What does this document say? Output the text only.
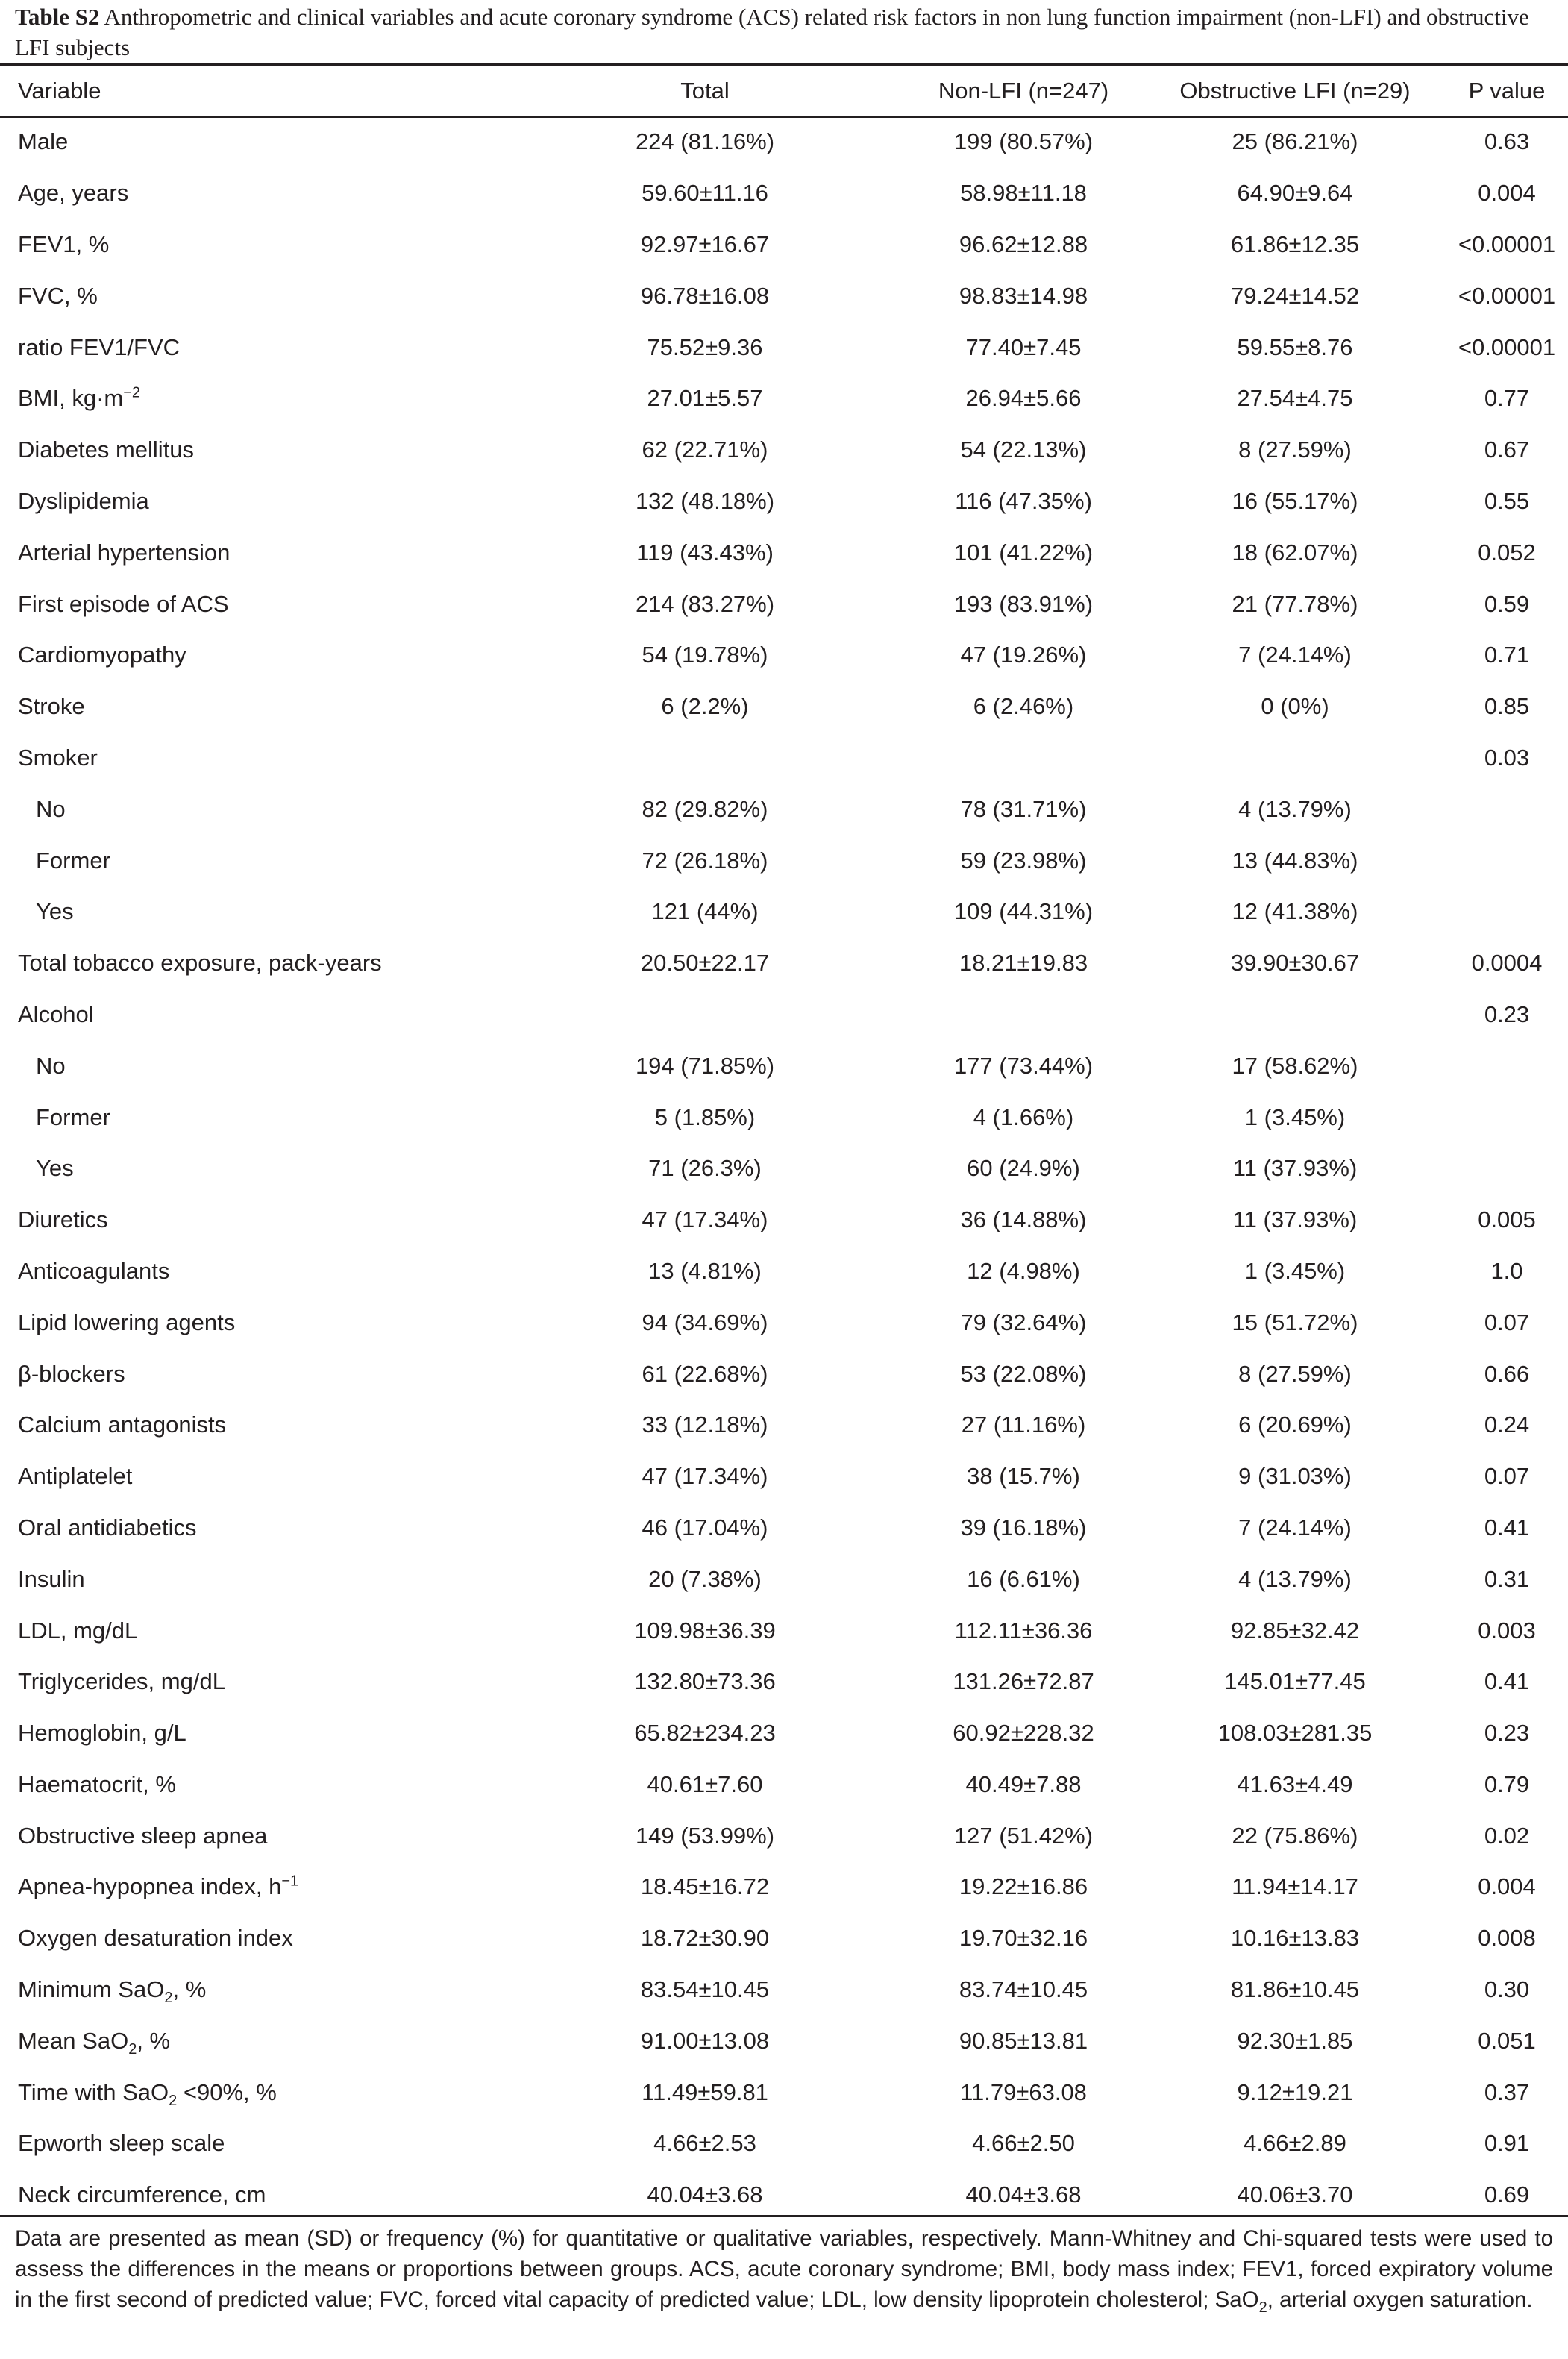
Table S2 Anthropometric and clinical variables and acute coronary syndrome (ACS) related risk factors in non lung function impairment (non-LFI) and obstructive LFI subjects
Variable	Total	Non-LFI (n=247)	Obstructive LFI (n=29)	P value
Male	224 (81.16%)	199 (80.57%)	25 (86.21%)	0.63
Age, years	59.60±11.16	58.98±11.18	64.90±9.64	0.004
FEV1, %	92.97±16.67	96.62±12.88	61.86±12.35	<0.00001
FVC, %	96.78±16.08	98.83±14.98	79.24±14.52	<0.00001
ratio FEV1/FVC	75.52±9.36	77.40±7.45	59.55±8.76	<0.00001
BMI, $kg\cdot m^{-2}$	27.01±5.57	26.94±5.66	27.54±4.75	0.77
Diabetes mellitus	62 (22.71%)	54 (22.13%)	8 (27.59%)	0.67
Dyslipidemia	132 (48.18%)	116 (47.35%)	16 (55.17%)	0.55
Arterial hypertension	119 (43.43%)	101 (41.22%)	18 (62.07%)	0.052
First episode of ACS	214 (83.27%)	193 (83.91%)	21 (77.78%)	0.59
Cardiomyopathy	54 (19.78%)	47 (19.26%)	7 (24.14%)	0.71
Stroke	6 (2.2%)	6 (2.46%)	0 (0%)	0.85
Smoker				0.03
No	82 (29.82%)	78 (31.71%)	4 (13.79%)	
Former	72 (26.18%)	59 (23.98%)	13 (44.83%)	
Yes	121 (44%)	109 (44.31%)	12 (41.38%)	
Total tobacco exposure, pack-years	20.50±22.17	18.21±19.83	39.90±30.67	0.0004
Alcohol				0.23
No	194 (71.85%)	177 (73.44%)	17 (58.62%)	
Former	5 (1.85%)	4 (1.66%)	1 (3.45%)	
Yes	71 (26.3%)	60 (24.9%)	11 (37.93%)	
Diuretics	47 (17.34%)	36 (14.88%)	11 (37.93%)	0.005
Anticoagulants	13 (4.81%)	12 (4.98%)	1 (3.45%)	1.0
Lipid lowering agents	94 (34.69%)	79 (32.64%)	15 (51.72%)	0.07
β-blockers	61 (22.68%)	53 (22.08%)	8 (27.59%)	0.66
Calcium antagonists	33 (12.18%)	27 (11.16%)	6 (20.69%)	0.24
Antiplatelet	47 (17.34%)	38 (15.7%)	9 (31.03%)	0.07
Oral antidiabetics	46 (17.04%)	39 (16.18%)	7 (24.14%)	0.41
Insulin	20 (7.38%)	16 (6.61%)	4 (13.79%)	0.31
LDL, mg/dL	109.98±36.39	112.11±36.36	92.85±32.42	0.003
Triglycerides, mg/dL	132.80±73.36	131.26±72.87	145.01±77.45	0.41
Hemoglobin, g/L	65.82±234.23	60.92±228.32	108.03±281.35	0.23
Haematocrit, %	40.61±7.60	40.49±7.88	41.63±4.49	0.79
Obstructive sleep apnea	149 (53.99%)	127 (51.42%)	22 (75.86%)	0.02
Apnea-hypopnea index, $h^{-1}$	18.45±16.72	19.22±16.86	11.94±14.17	0.004
Oxygen desaturation index	18.72±30.90	19.70±32.16	10.16±13.83	0.008
Minimum SaO$_2$, %	83.54±10.45	83.74±10.45	81.86±10.45	0.30
Mean SaO$_2$, %	91.00±13.08	90.85±13.81	92.30±1.85	0.051
Time with SaO$_2$ <90%, %	11.49±59.81	11.79±63.08	9.12±19.21	0.37
Epworth sleep scale	4.66±2.53	4.66±2.50	4.66±2.89	0.91
Neck circumference, cm	40.04±3.68	40.04±3.68	40.06±3.70	0.69
Data are presented as mean (SD) or frequency (%) for quantitative or qualitative variables, respectively. Mann-Whitney and Chi-squared tests were used to assess the differences in the means or proportions between groups. ACS, acute coronary syndrome; BMI, body mass index; FEV1, forced expiratory volume in the first second of predicted value; FVC, forced vital capacity of predicted value; LDL, low density lipoprotein cholesterol; SaO$_2$, arterial oxygen saturation.
